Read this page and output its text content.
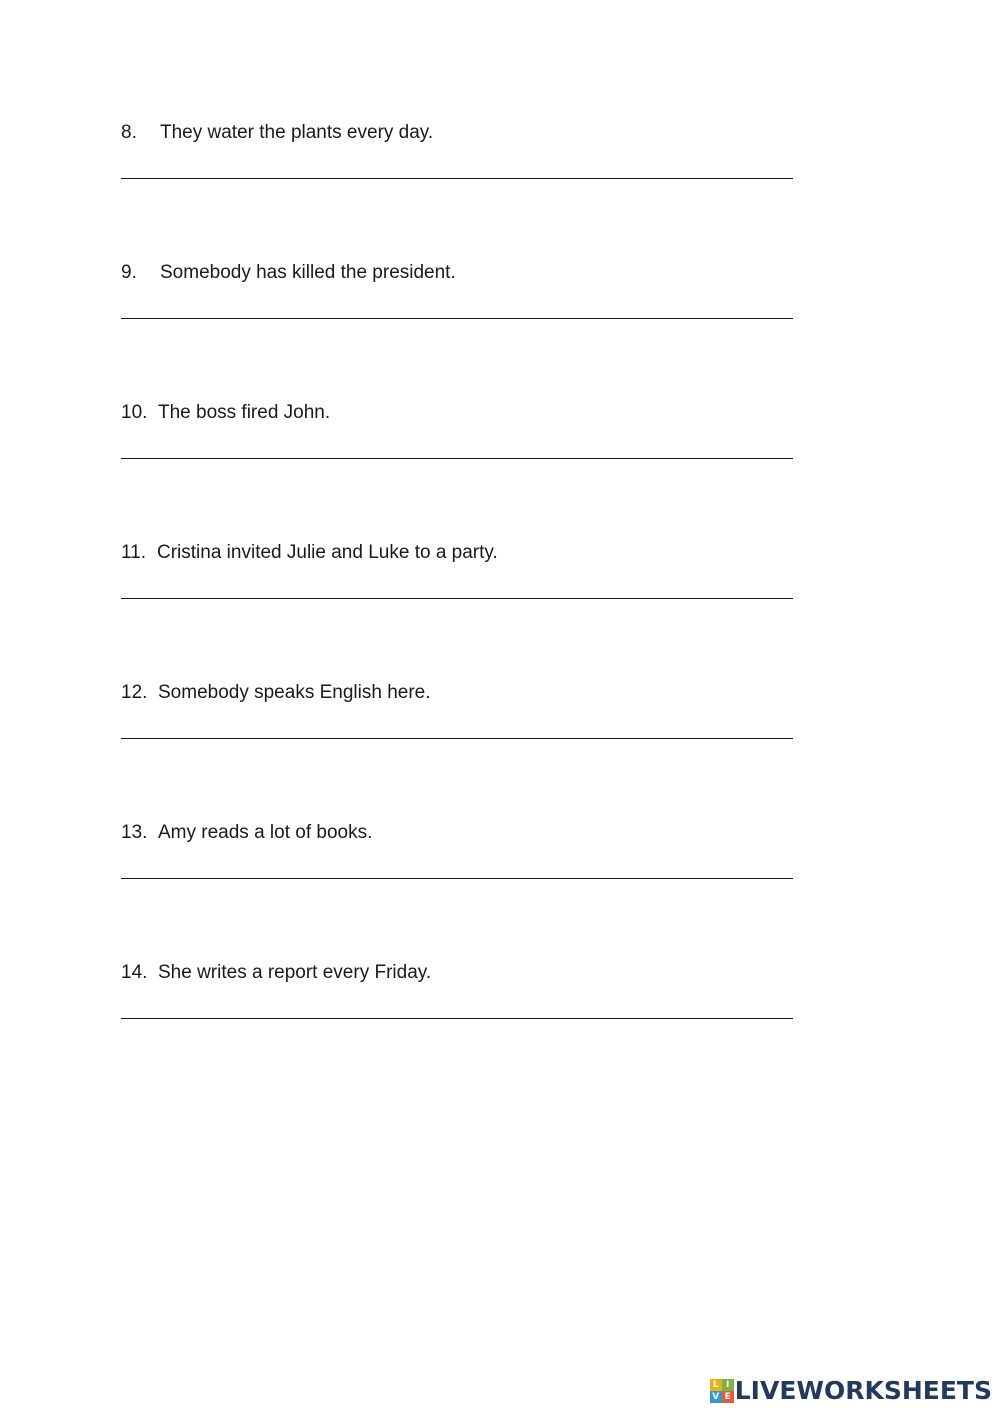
8. They water the plants every day.
9. Somebody has killed the president.
10. The boss fired John.
11. Cristina invited Julie and Luke to a party.
12. Somebody speaks English here.
13. Amy reads a lot of books.
14. She writes a report every Friday.
L I
V E LIVEWORKSHEETS
